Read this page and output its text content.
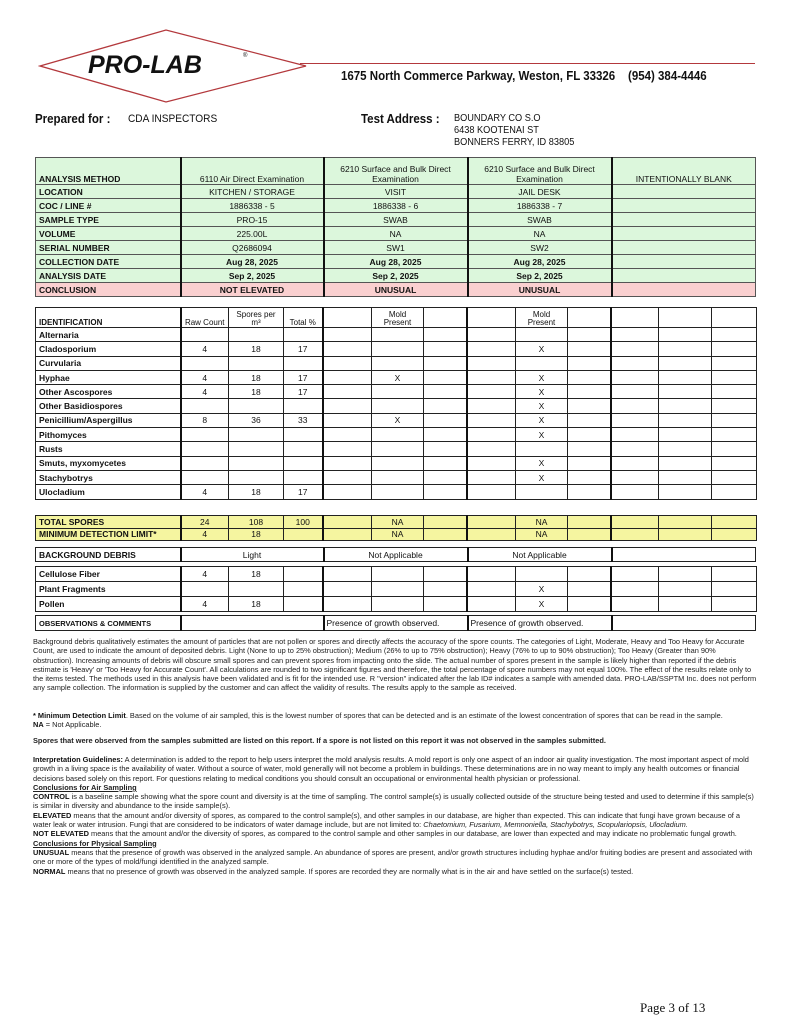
PRO-LAB	®
1675 North Commerce Parkway, Weston, FL 33326 (954) 384-4446
Prepared for : CDA INSPECTORS	Test Address : BOUNDARY CO S.O
6438 KOOTENAI ST
BONNERS FERRY, ID 83805
ANALYSIS METHOD	6110 Air Direct Examination	6210 Surface and Bulk Direct Examination	6210 Surface and Bulk Direct Examination	INTENTIONALLY BLANK
LOCATION	KITCHEN / STORAGE	VISIT	JAIL DESK	
COC / LINE #	1886338 - 5	1886338 - 6	1886338 - 7	
SAMPLE TYPE	PRO-15	SWAB	SWAB	
VOLUME	225.00L	NA	NA	
SERIAL NUMBER	Q2686094	SW1	SW2	
COLLECTION DATE	Aug 28, 2025	Aug 28, 2025	Aug 28, 2025	
ANALYSIS DATE	Sep 2, 2025	Sep 2, 2025	Sep 2, 2025	
CONCLUSION	NOT ELEVATED	UNUSUAL	UNUSUAL	
IDENTIFICATION	Raw Count	Spores per m³	Total %		Mold Present			Mold Present				
Alternaria												
Cladosporium	4	18	17					X				
Curvularia												
Hyphae	4	18	17		X			X				
Other Ascospores	4	18	17					X				
Other Basidiospores								X				
Penicillium/Aspergillus	8	36	33		X			X				
Pithomyces								X				
Rusts												
Smuts, myxomycetes								X				
Stachybotrys								X				
Ulocladium	4	18	17									
TOTAL SPORES	24	108	100		NA			NA				
MINIMUM DETECTION LIMIT*	4	18			NA			NA				
BACKGROUND DEBRIS	Light	Not Applicable	Not Applicable	
Cellulose Fiber	4	18										
Plant Fragments								X				
Pollen	4	18						X				
OBSERVATIONS & COMMENTS		Presence of growth observed.	Presence of growth observed.	
Background debris qualitatively estimates the amount of particles that are not pollen or spores and directly affects the accuracy of the spore counts. The categories of Light, Moderate, Heavy and Too Heavy for Accurate Count, are used to indicate the amount of deposited debris. Light (None to up to 25% obstruction); Medium (26% to up to 75% obstruction); Heavy (76% to up to 90% obstruction); Too Heavy (Greater than 90% obstruction). Increasing amounts of debris will obscure small spores and can prevent spores from impacting onto the slide. The actual number of spores present in the sample is likely higher than reported if the debris estimate is 'Heavy' or 'Too Heavy for Accurate Count'. All calculations are rounded to two significant figures and therefore, the total percentage of spore numbers may not equal 100%. The effect of the results relate only to the items tested. The methods used in this analysis have been validated and is fit for the intended use. R "version" indicated after the lab ID# indicates a sample with amended data. PRO-LAB/SSPTM Inc. does not perform any sample collection. The information is supplied by the customer and can affect the validity of results. The results apply to the sample as received.
* Minimum Detection Limit. Based on the volume of air sampled, this is the lowest number of spores that can be detected and is an estimate of the lowest concentration of spores that can be read in the sample.
NA = Not Applicable.
Spores that were observed from the samples submitted are listed on this report. If a spore is not listed on this report it was not observed in the samples submitted.
Interpretation Guidelines: A determination is added to the report to help users interpret the mold analysis results. A mold report is only one aspect of an indoor air quality investigation. The most important aspect of mold growth in a living space is the availability of water. Without a source of water, mold generally will not become a problem in buildings. These determinations are in no way meant to imply any health outcomes or financial decisions based solely on this report. For questions relating to medical conditions you should consult an occupational or environmental health physician or professional.
Conclusions for Air Sampling
CONTROL is a baseline sample showing what the spore count and diversity is at the time of sampling. The control sample(s) is usually collected outside of the structure being tested and used to determine if this sample(s) is similar in diversity and abundance to the inside sample(s).
ELEVATED means that the amount and/or diversity of spores, as compared to the control sample(s), and other samples in our database, are higher than expected. This can indicate that fungi have grown because of a water leak or water intrusion. Fungi that are considered to be indicators of water damage include, but are not limited to: Chaetomium, Fusarium, Memnoniella, Stachybotrys, Scopulariopsis, Ulocladium.
NOT ELEVATED means that the amount and/or the diversity of spores, as compared to the control sample and other samples in our database, are lower than expected and may indicate no problematic fungal growth.
Conclusions for Physical Sampling
UNUSUAL means that the presence of growth was observed in the analyzed sample. An abundance of spores are present, and/or growth structures including hyphae and/or fruiting bodies are present and associated with one or more of the types of mold/fungi identified in the analyzed sample.
NORMAL means that no presence of growth was observed in the analyzed sample. If spores are recorded they are normally what is in the air and have settled on the surface(s) tested.
Page 3 of 13
